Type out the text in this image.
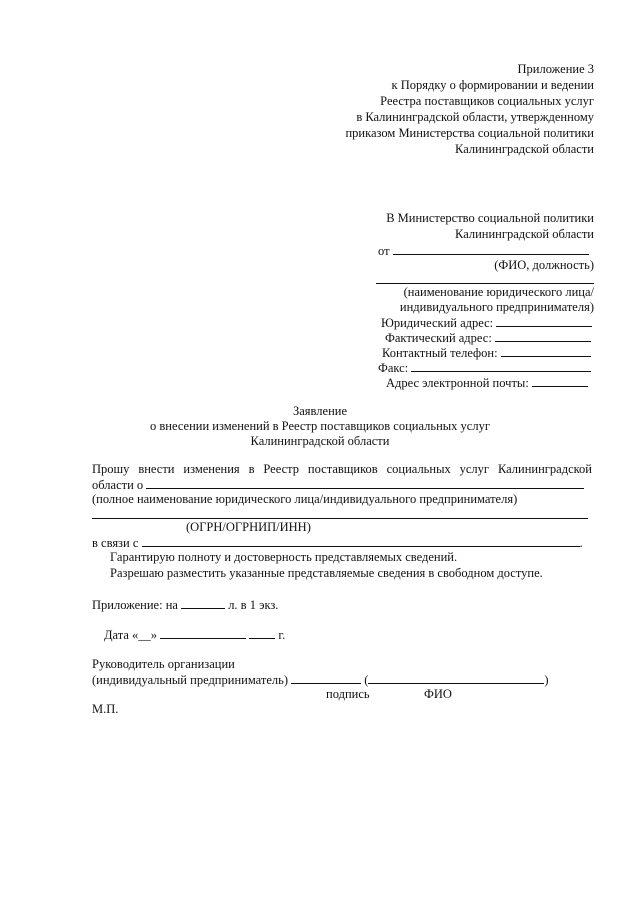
Приложение 3
к Порядку о формировании и ведении
Реестра поставщиков социальных услуг
в Калининградской области, утвержденному
приказом Министерства социальной политики
Калининградской области
В Министерство социальной политики
Калининградской области
от
(ФИО, должность)
(наименование юридического лица/
индивидуального предпринимателя)
Юридический адрес:
Фактический адрес:
Контактный телефон:
Факс:
Адрес электронной почты:
Заявление
о внесении изменений в Реестр поставщиков социальных услуг
Калининградской области
Прошу внести изменения в Реестр поставщиков социальных услуг Калининградской
области о
(полное наименование юридического лица/индивидуального предпринимателя)
(ОГРН/ОГРНИП/ИНН)
в связи с	.
Гарантирую полноту и достоверность представляемых сведений.
Разрешаю разместить указанные представляемые сведения в свободном доступе.
Приложение: на	л. в 1 экз.
Дата «__»	г.
Руководитель организации
(индивидуальный предприниматель)	(	)
подпись	ФИО
М.П.
